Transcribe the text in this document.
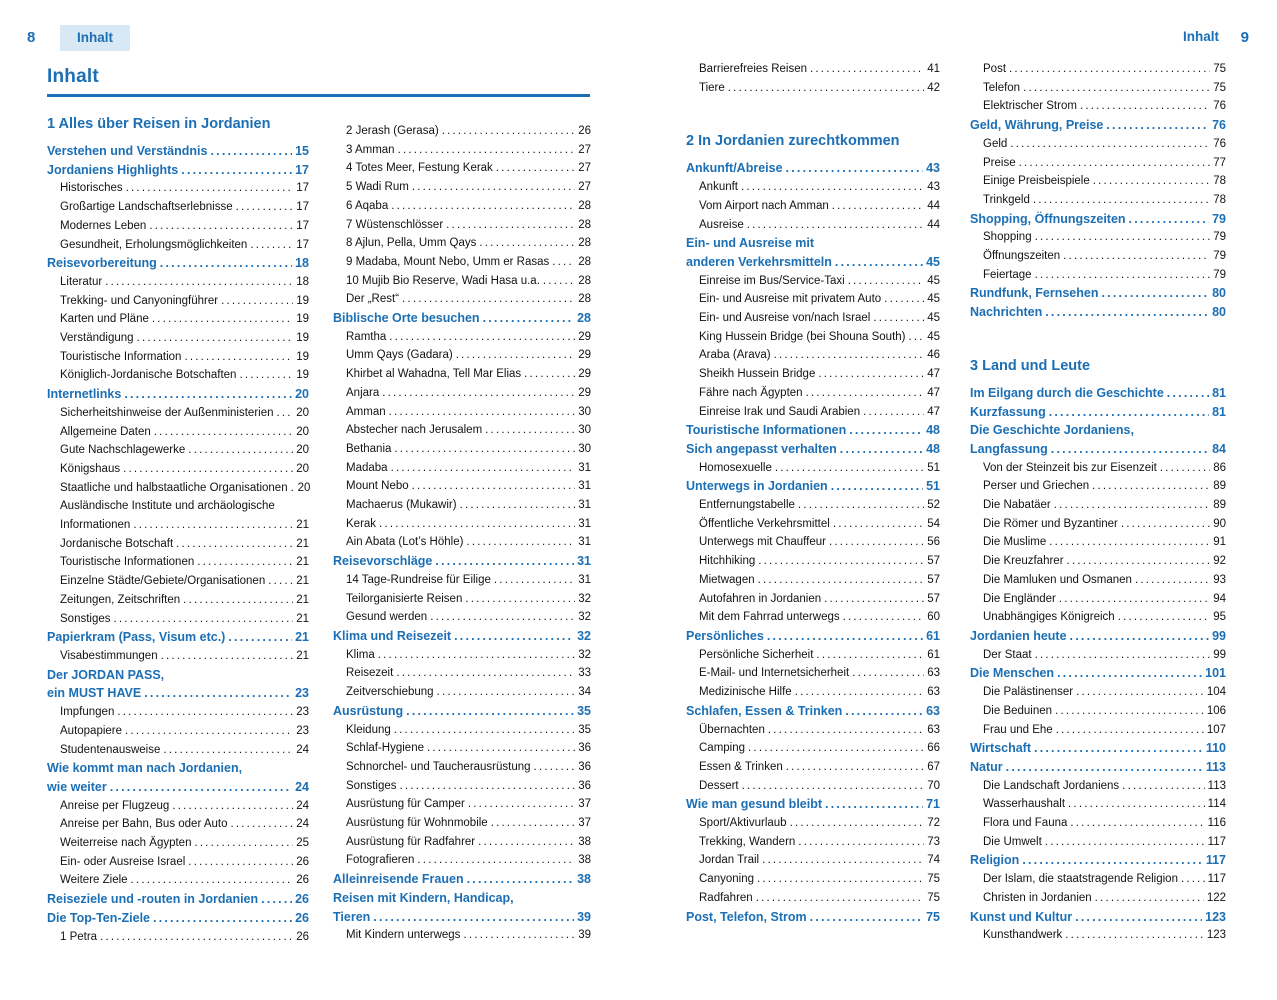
8	Inhalt	Inhalt 9
Inhalt
1 Alles über Reisen in Jordanien
Verstehen und Verständnis .....	15
Jordaniens Highlights .....	17
Historisches .....	17
Großartige Landschaftserlebnisse .....	17
Modernes Leben .....	17
Gesundheit, Erholungsmöglichkeiten .....	17
Reisevorbereitung .....	18
Literatur .....	18
Trekking- und Canyoningführer .....	19
Karten und Pläne .....	19
Verständigung .....	19
Touristische Information .....	19
Königlich-Jordanische Botschaften .....	19
Internetlinks .....	20
Sicherheitshinweise der Außenministerien ..... 20
Allgemeine Daten .....	20
Gute Nachschlagewerke .....	20
Königshaus .....	20
Staatliche und halbstaatliche Organisationen ..... 20
Ausländische Institute und archäologische
Informationen .....	21
Jordanische Botschaft .....	21
Touristische Informationen .....	21
Einzelne Städte/Gebiete/Organisationen .....	21
Zeitungen, Zeitschriften .....	21
Sonstiges .....	21
Papierkram (Pass, Visum etc.) .....	21
Visabestimmungen .....	21
Der JORDAN PASS,
ein MUST HAVE .....	23
Impfungen .....	23
Autopapiere .....	23
Studentenausweise .....	24
Wie kommt man nach Jordanien,
wie weiter .....	24
Anreise per Flugzeug .....	24
Anreise per Bahn, Bus oder Auto .....	24
Weiterreise nach Ägypten .....	25
Ein- oder Ausreise Israel .....	26
Weitere Ziele .....	26
Reiseziele und -routen in Jordanien .....	26
Die Top-Ten-Ziele .....	26
1 Petra .....	26
2 Jerash (Gerasa) .....	26
3 Amman .....	27
4 Totes Meer, Festung Kerak .....	27
5 Wadi Rum .....	27
6 Aqaba .....	28
7 Wüstenschlösser .....	28
8 Ajlun, Pella, Umm Qays .....	28
9 Madaba, Mount Nebo, Umm er Rasas .....	28
10 Mujib Bio Reserve, Wadi Hasa u.a. .....	28
Der „Rest“ .....	28
Biblische Orte besuchen .....	28
Ramtha .....	29
Umm Qays (Gadara) .....	29
Khirbet al Wahadna, Tell Mar Elias .....	29
Anjara .....	29
Amman .....	30
Abstecher nach Jerusalem .....	30
Bethania .....	30
Madaba .....	31
Mount Nebo .....	31
Machaerus (Mukawir) .....	31
Kerak .....	31
Ain Abata (Lot’s Höhle) .....	31
Reisevorschläge .....	31
14 Tage-Rundreise für Eilige .....	31
Teilorganisierte Reisen .....	32
Gesund werden .....	32
Klima und Reisezeit .....	32
Klima .....	32
Reisezeit .....	33
Zeitverschiebung .....	34
Ausrüstung .....	35
Kleidung .....	35
Schlaf-Hygiene .....	36
Schnorchel- und Taucherausrüstung .....	36
Sonstiges .....	36
Ausrüstung für Camper .....	37
Ausrüstung für Wohnmobile .....	37
Ausrüstung für Radfahrer .....	38
Fotografieren .....	38
Alleinreisende Frauen .....	38
Reisen mit Kindern, Handicap,
Tieren .....	39
Mit Kindern unterwegs .....	39
Barrierefreies Reisen .....	41
Tiere .....	42
2 In Jordanien zurechtkommen
Ankunft/Abreise .....	43
Ankunft .....	43
Vom Airport nach Amman .....	44
Ausreise .....	44
Ein- und Ausreise mit
anderen Verkehrsmitteln .....	45
Einreise im Bus/Service-Taxi .....	45
Ein- und Ausreise mit privatem Auto .....	45
Ein- und Ausreise von/nach Israel .....	45
King Hussein Bridge (bei Shouna South) ..... 45
Araba (Arava) .....	46
Sheikh Hussein Bridge .....	47
Fähre nach Ägypten .....	47
Einreise Irak und Saudi Arabien .....	47
Touristische Informationen .....	48
Sich angepasst verhalten .....	48
Homosexuelle .....	51
Unterwegs in Jordanien .....	51
Entfernungstabelle .....	52
Öffentliche Verkehrsmittel .....	54
Unterwegs mit Chauffeur .....	56
Hitchhiking .....	57
Mietwagen .....	57
Autofahren in Jordanien .....	57
Mit dem Fahrrad unterwegs .....	60
Persönliches .....	61
Persönliche Sicherheit .....	61
E-Mail- und Internetsicherheit .....	63
Medizinische Hilfe .....	63
Schlafen, Essen & Trinken .....	63
Übernachten .....	63
Camping .....	66
Essen & Trinken .....	67
Dessert .....	70
Wie man gesund bleibt .....	71
Sport/Aktivurlaub .....	72
Trekking, Wandern .....	73
Jordan Trail .....	74
Canyoning .....	75
Radfahren .....	75
Post, Telefon, Strom .....	75
Post .....	75
Telefon .....	75
Elektrischer Strom .....	76
Geld, Währung, Preise .....	76
Geld .....	76
Preise .....	77
Einige Preisbeispiele .....	78
Trinkgeld .....	78
Shopping, Öffnungszeiten .....	79
Shopping .....	79
Öffnungszeiten .....	79
Feiertage .....	79
Rundfunk, Fernsehen .....	80
Nachrichten .....	80
3 Land und Leute
Im Eilgang durch die Geschichte .....	81
Kurzfassung .....	81
Die Geschichte Jordaniens,
Langfassung .....	84
Von der Steinzeit bis zur Eisenzeit .....	86
Perser und Griechen .....	89
Die Nabatäer .....	89
Die Römer und Byzantiner .....	90
Die Muslime .....	91
Die Kreuzfahrer .....	92
Die Mamluken und Osmanen .....	93
Die Engländer .....	94
Unabhängiges Königreich .....	95
Jordanien heute .....	99
Der Staat .....	99
Die Menschen .....	101
Die Palästinenser .....	104
Die Beduinen .....	106
Frau und Ehe .....	107
Wirtschaft .....	110
Natur .....	113
Die Landschaft Jordaniens .....	113
Wasserhaushalt .....	114
Flora und Fauna .....	116
Die Umwelt .....	117
Religion .....	117
Der Islam, die staatstragende Religion .....	117
Christen in Jordanien .....	122
Kunst und Kultur .....	123
Kunsthandwerk .....	123
